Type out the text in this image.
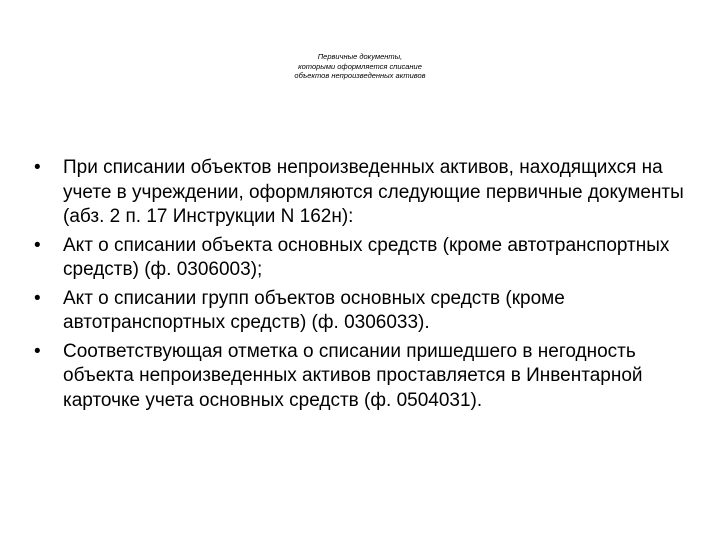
Первичные документы,
которыми оформляется списание
объектов непроизведенных активов
• При списании объектов непроизведенных активов, находящихся на учете в учреждении, оформляются следующие первичные документы (абз. 2 п. 17 Инструкции N 162н):
• Акт о списании объекта основных средств (кроме автотранспортных средств) (ф. 0306003);
• Акт о списании групп объектов основных средств (кроме автотранспортных средств) (ф. 0306033).
• Соответствующая отметка о списании пришедшего в негодность объекта непроизведенных активов проставляется в Инвентарной карточке учета основных средств (ф. 0504031).
